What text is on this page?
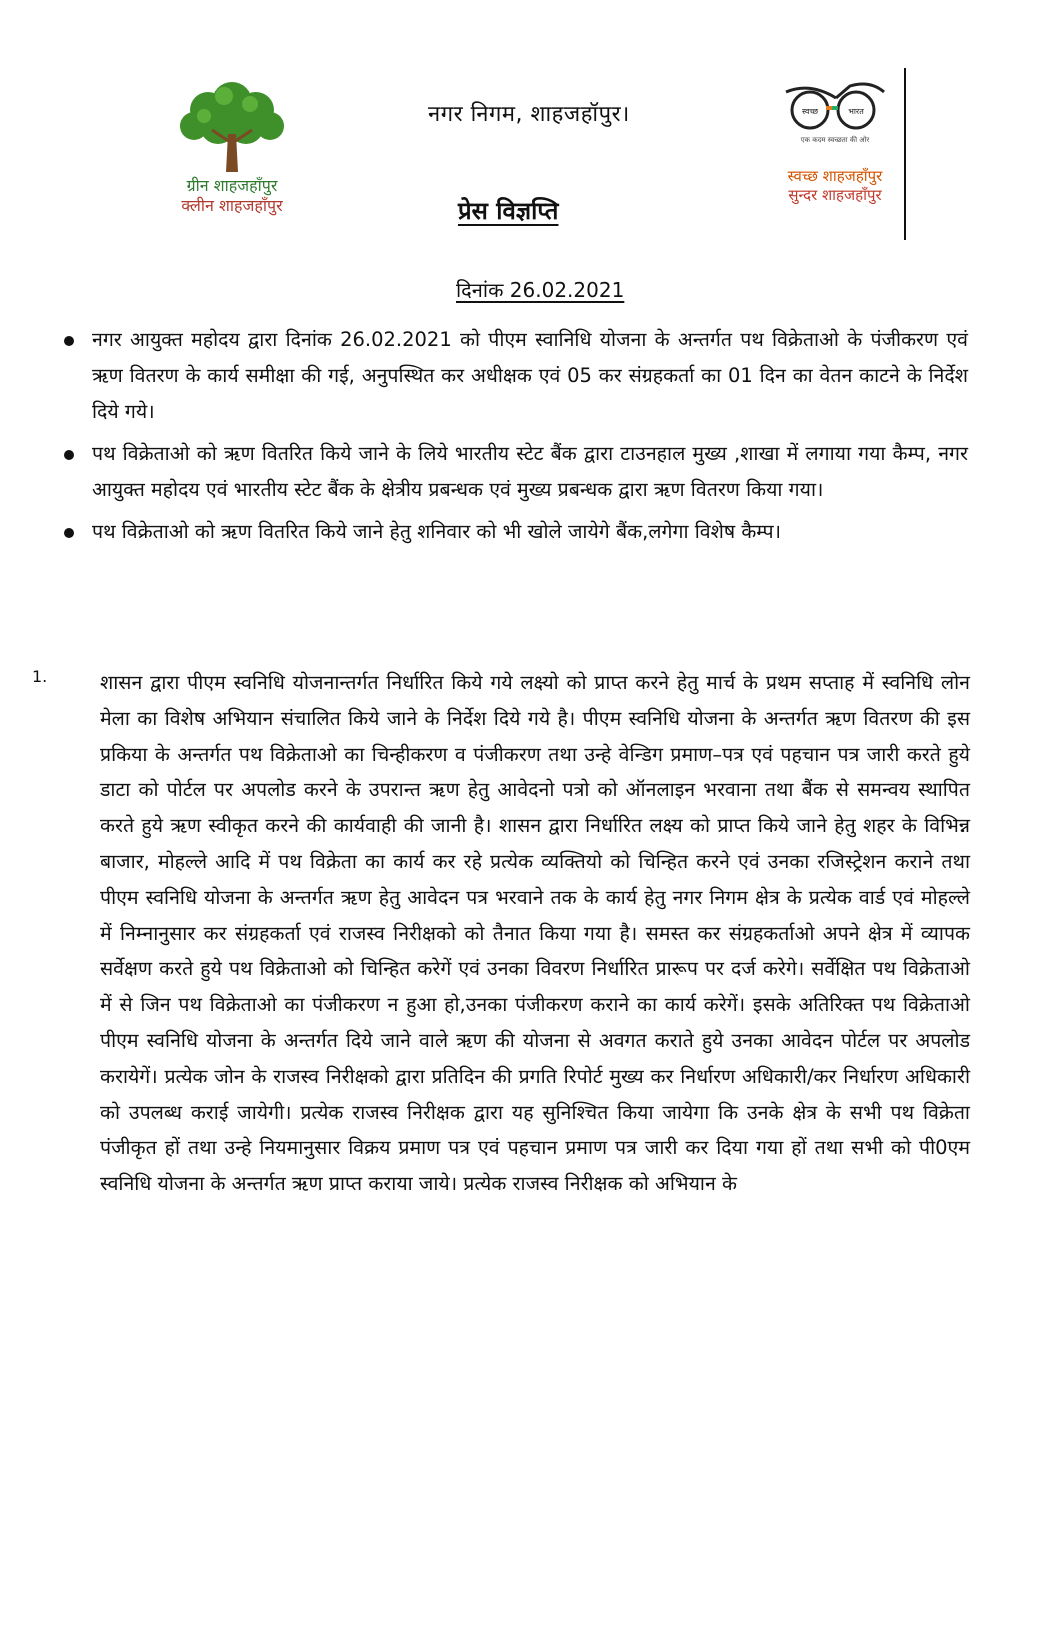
ग्रीन शाहजहाँपुर
क्लीन शाहजहाँपुर
नगर निगम, शाहजहॉपुर।
प्रेस विज्ञप्ति
स्वच्छ	भारत
एक कदम स्वच्छता की ओर
स्वच्छ शाहजहाँपुर
सुन्दर शाहजहाँपुर
दिनांक 26.02.2021
नगर आयुक्त महोदय द्वारा दिनांक 26.02.2021 को पीएम स्वानिधि योजना के अन्तर्गत पथ विक्रेताओ के पंजीकरण एवं ऋण वितरण के कार्य समीक्षा की गई, अनुपस्थित कर अधीक्षक एवं 05 कर संग्रहकर्ता का 01 दिन का वेतन काटने के निर्देश दिये गये।
पथ विक्रेताओ को ऋण वितरित किये जाने के लिये भारतीय स्टेट बैंक द्वारा टाउनहाल मुख्य ,शाखा में लगाया गया कैम्प, नगर आयुक्त महोदय एवं भारतीय स्टेट बैंक के क्षेत्रीय प्रबन्धक एवं मुख्य प्रबन्धक द्वारा ऋण वितरण किया गया।
पथ विक्रेताओ को ऋण वितरित किये जाने हेतु शनिवार को भी खोले जायेगे बैंक,लगेगा विशेष कैम्प।
1.	शासन द्वारा पीएम स्वनिधि योजनान्तर्गत निर्धारित किये गये लक्ष्यो को प्राप्त करने हेतु मार्च के प्रथम सप्ताह में स्वनिधि लोन मेला का विशेष अभियान संचालित किये जाने के निर्देश दिये गये है। पीएम स्वनिधि योजना के अन्तर्गत ऋण वितरण की इस प्रकिया के अन्तर्गत पथ विक्रेताओ का चिन्हीकरण व पंजीकरण तथा उन्हे वेन्डिग प्रमाण–पत्र एवं पहचान पत्र जारी करते हुये डाटा को पोर्टल पर अपलोड करने के उपरान्त ऋण हेतु आवेदनो पत्रो को ऑनलाइन भरवाना तथा बैंक से समन्वय स्थापित करते हुये ऋण स्वीकृत करने की कार्यवाही की जानी है। शासन द्वारा निर्धारित लक्ष्य को प्राप्त किये जाने हेतु शहर के विभिन्न बाजार, मोहल्ले आदि में पथ विक्रेता का कार्य कर रहे प्रत्येक व्यक्तियो को चिन्हित करने एवं उनका रजिस्ट्रेशन कराने तथा पीएम स्वनिधि योजना के अन्तर्गत ऋण हेतु आवेदन पत्र भरवाने तक के कार्य हेतु नगर निगम क्षेत्र के प्रत्येक वार्ड एवं मोहल्ले में निम्नानुसार कर संग्रहकर्ता एवं राजस्व निरीक्षको को तैनात किया गया है। समस्त कर संग्रहकर्ताओ अपने क्षेत्र में व्यापक सर्वेक्षण करते हुये पथ विक्रेताओ को चिन्हित करेगें एवं उनका विवरण निर्धारित प्रारूप पर दर्ज करेगे। सर्वेक्षित पथ विक्रेताओ में से जिन पथ विक्रेताओ का पंजीकरण न हुआ हो,उनका पंजीकरण कराने का कार्य करेगें। इसके अतिरिक्त पथ विक्रेताओ पीएम स्वनिधि योजना के अन्तर्गत दिये जाने वाले ऋण की योजना से अवगत कराते हुये उनका आवेदन पोर्टल पर अपलोड करायेगें। प्रत्येक जोन के राजस्व निरीक्षको द्वारा प्रतिदिन की प्रगति रिपोर्ट मुख्य कर निर्धारण अधिकारी/कर निर्धारण अधिकारी को उपलब्ध कराई जायेगी। प्रत्येक राजस्व निरीक्षक द्वारा यह सुनिश्चित किया जायेगा कि उनके क्षेत्र के सभी पथ विक्रेता पंजीकृत हों तथा उन्हे नियमानुसार विक्रय प्रमाण पत्र एवं पहचान प्रमाण पत्र जारी कर दिया गया हों तथा सभी को पी0एम स्वनिधि योजना के अन्तर्गत ऋण प्राप्त कराया जाये। प्रत्येक राजस्व निरीक्षक को अभियान के
